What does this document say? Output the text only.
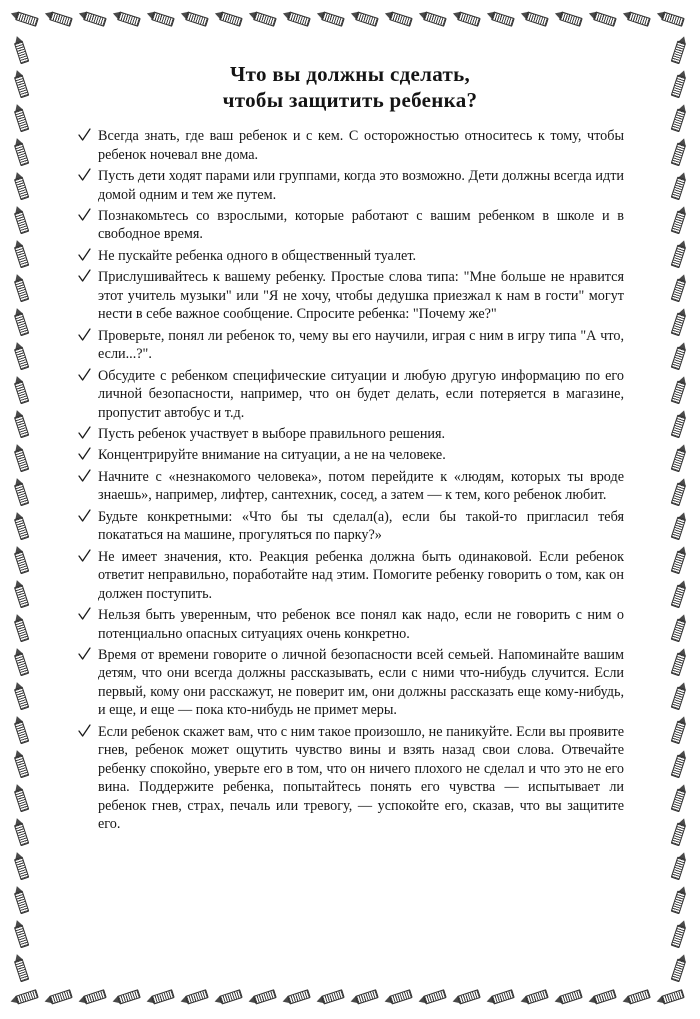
Что вы должны сделать,
чтобы защитить ребенка?
Всегда знать, где ваш ребенок и с кем. С осторожностью относитесь к тому, чтобы ребенок ночевал вне дома.
Пусть дети ходят парами или группами, когда это возможно. Дети должны всегда идти домой одним и тем же путем.
Познакомьтесь со взрослыми, которые работают с вашим ребенком в школе и в свободное время.
Не пускайте ребенка одного в общественный туалет.
Прислушивайтесь к вашему ребенку. Простые слова типа: "Мне больше не нравится этот учитель музыки" или "Я не хочу, чтобы дедушка приезжал к нам в гости" могут нести в себе важное сообщение. Спросите ребенка: "Почему же?"
Проверьте, понял ли ребенок то, чему вы его научили, играя с ним в игру типа "А что, если...?".
Обсудите с ребенком специфические ситуации и любую другую информацию по его личной безопасности, например, что он будет делать, если потеряется в магазине, пропустит автобус и т.д.
Пусть ребенок участвует в выборе правильного решения.
Концентрируйте внимание на ситуации, а не на человеке.
Начните с «незнакомого человека», потом перейдите к «людям, которых ты вроде знаешь», например, лифтер, сантехник, сосед, а затем — к тем, кого ребенок любит.
Будьте конкретными: «Что бы ты сделал(а), если бы такой-то пригласил тебя покататься на машине, прогуляться по парку?»
Не имеет значения, кто. Реакция ребенка должна быть одинаковой. Если ребенок ответит неправильно, поработайте над этим. Помогите ребенку говорить о том, как он должен поступить.
Нельзя быть уверенным, что ребенок все понял как надо, если не говорить с ним о потенциально опасных ситуациях очень конкретно.
Время от времени говорите о личной безопасности всей семьей. Напоминайте вашим детям, что они всегда должны рассказывать, если с ними что-нибудь случится. Если первый, кому они расскажут, не поверит им, они должны рассказать еще кому-нибудь, и еще, и еще — пока кто-нибудь не примет меры.
Если ребенок скажет вам, что с ним такое произошло, не паникуйте. Если вы проявите гнев, ребенок может ощутить чувство вины и взять назад свои слова. Отвечайте ребенку спокойно, уверьте его в том, что он ничего плохого не сделал и что это не его вина. Поддержите ребенка, попытайтесь понять его чувства — испытывает ли ребенок гнев, страх, печаль или тревогу, — успокойте его, сказав, что вы защитите его.
